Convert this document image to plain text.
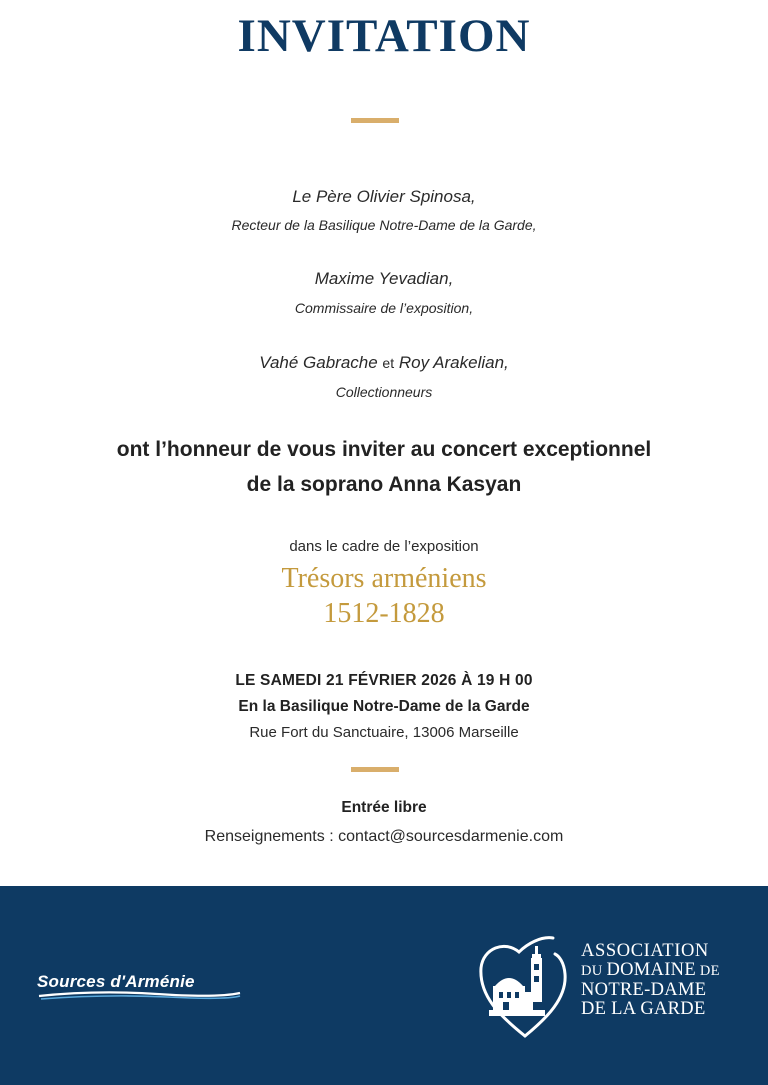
INVITATION
Le Père Olivier Spinosa,
Recteur de la Basilique Notre-Dame de la Garde,
Maxime Yevadian,
Commissaire de l’exposition,
Vahé Gabrache et Roy Arakelian,
Collectionneurs
ont l’honneur de vous inviter au concert exceptionnel
de la soprano Anna Kasyan
dans le cadre de l’exposition
Trésors arméniens
1512-1828
LE SAMEDI 21 FÉVRIER 2026 À 19 H 00
En la Basilique Notre-Dame de la Garde
Rue Fort du Sanctuaire, 13006 Marseille
Entrée libre
Renseignements : contact@sourcesdarmenie.com
Sources d'Arménie
ASSOCIATION
DU DOMAINE DE
NOTRE-DAME
DE LA GARDE
